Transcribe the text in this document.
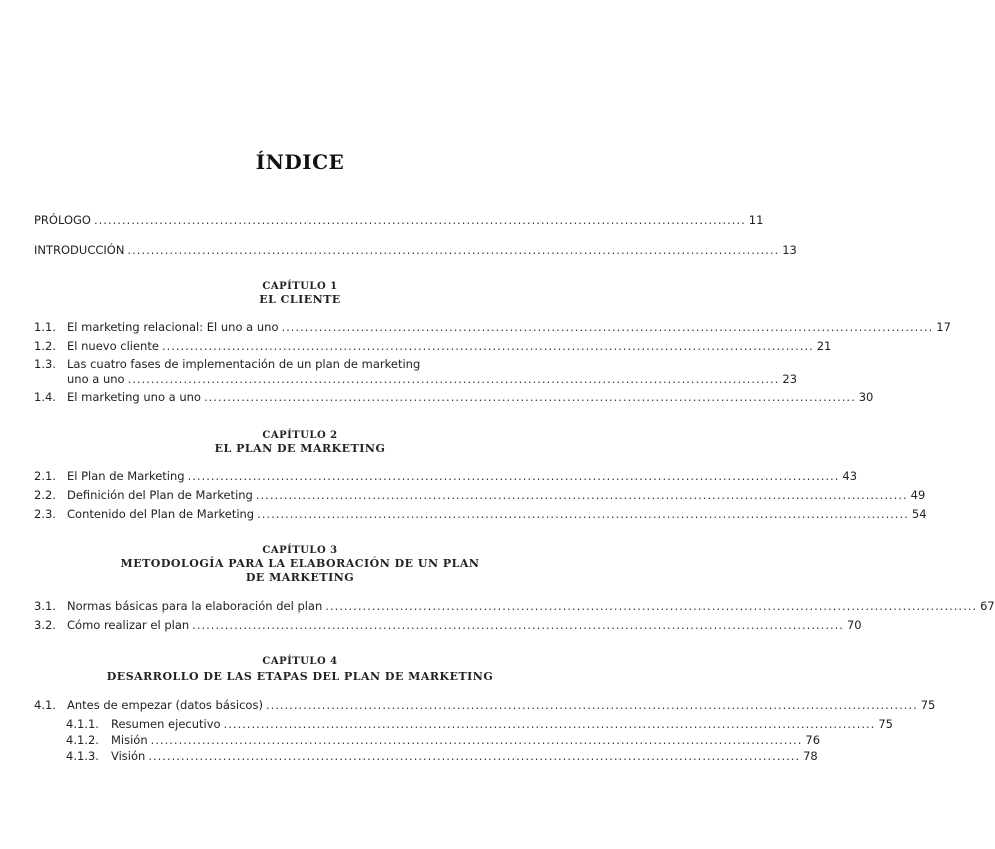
ÍNDICE
PRÓLOGO ............................................................................................................................................ 11
INTRODUCCIÓN ............................................................................................................................................ 13
CAPÍTULO 1
EL CLIENTE
1.1. El marketing relacional: El uno a uno ............................................................................................................................................ 17
1.2. El nuevo cliente ............................................................................................................................................ 21
1.3. Las cuatro fases de implementación de un plan de marketing
uno a uno ............................................................................................................................................ 23
1.4. El marketing uno a uno ............................................................................................................................................ 30
CAPÍTULO 2
EL PLAN DE MARKETING
2.1. El Plan de Marketing ............................................................................................................................................ 43
2.2. Definición del Plan de Marketing ............................................................................................................................................ 49
2.3. Contenido del Plan de Marketing ............................................................................................................................................ 54
CAPÍTULO 3
METODOLOGÍA PARA LA ELABORACIÓN DE UN PLAN
DE MARKETING
3.1. Normas básicas para la elaboración del plan ............................................................................................................................................ 67
3.2. Cómo realizar el plan ............................................................................................................................................ 70
CAPÍTULO 4
DESARROLLO DE LAS ETAPAS DEL PLAN DE MARKETING
4.1. Antes de empezar (datos básicos) ............................................................................................................................................ 75
4.1.1.	Resumen ejecutivo ............................................................................................................................................ 75
4.1.2.	Misión ............................................................................................................................................ 76
4.1.3.	Visión ............................................................................................................................................ 78
